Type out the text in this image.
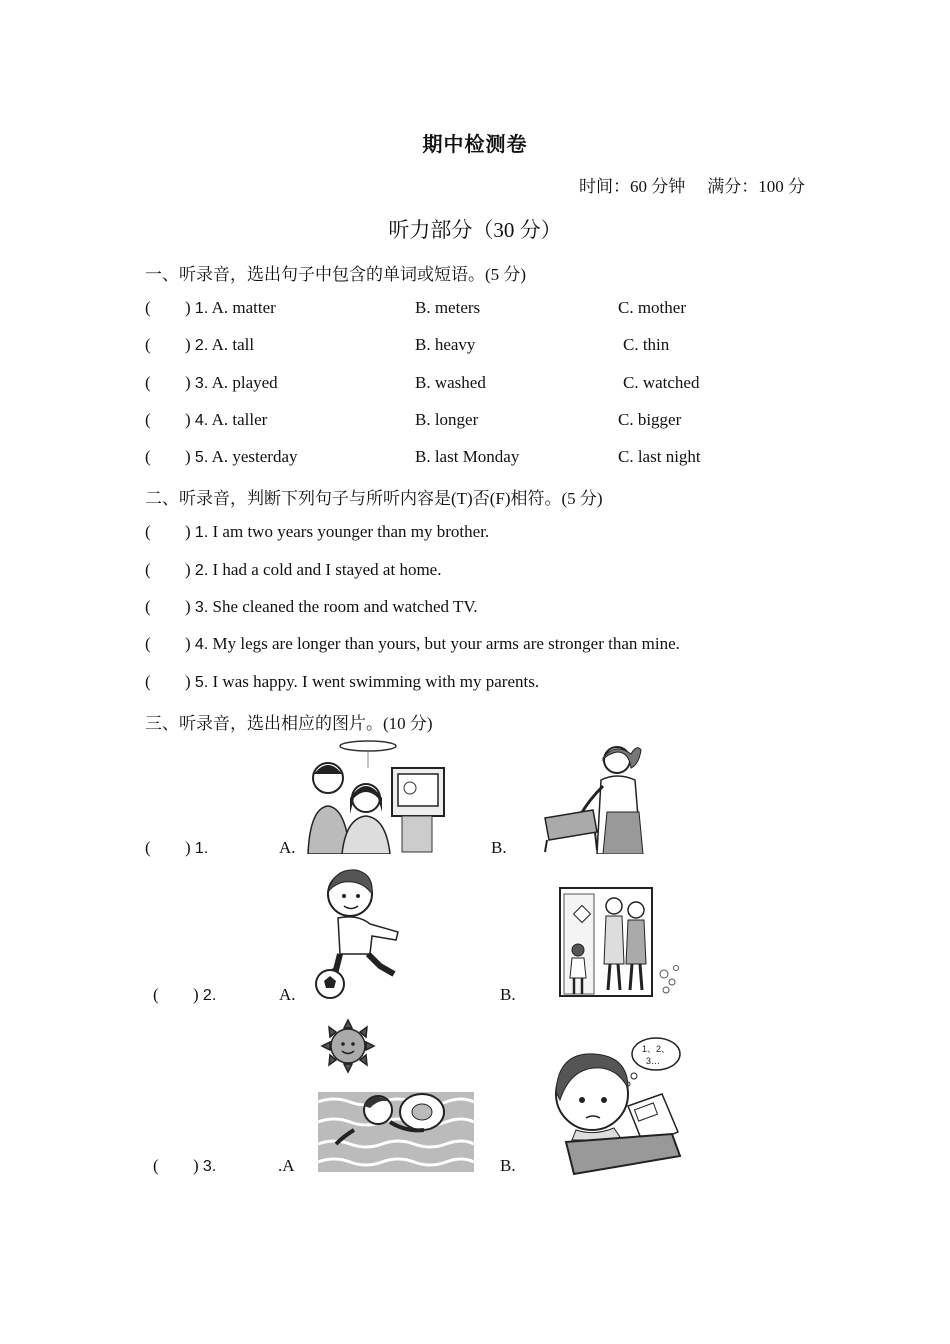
期中检测卷
时间：60 分钟 满分：100 分
听力部分（30 分）
一、听录音，选出句子中包含的单词或短语。(5 分)
( ) 1. A. matter	B. meters	C. mother
( ) 2. A. tall	B. heavy	C. thin
( ) 3. A. played	B. washed	C. watched
( ) 4. A. taller	B. longer	C. bigger
( ) 5. A. yesterday	B. last Monday	C. last night
二、听录音，判断下列句子与所听内容是(T)否(F)相符。(5 分)
( ) 1. I am two years younger than my brother.
( ) 2. I had a cold and I stayed at home.
( ) 3. She cleaned the room and watched TV.
( ) 4. My legs are longer than yours, but your arms are stronger than mine.
( ) 5. I was happy. I went swimming with my parents.
三、听录音，选出相应的图片。(10 分)
( ) 1.	A.	B.
( ) 2.	A.	B.
( ) 3.	.A	B.
1、2、
3…
